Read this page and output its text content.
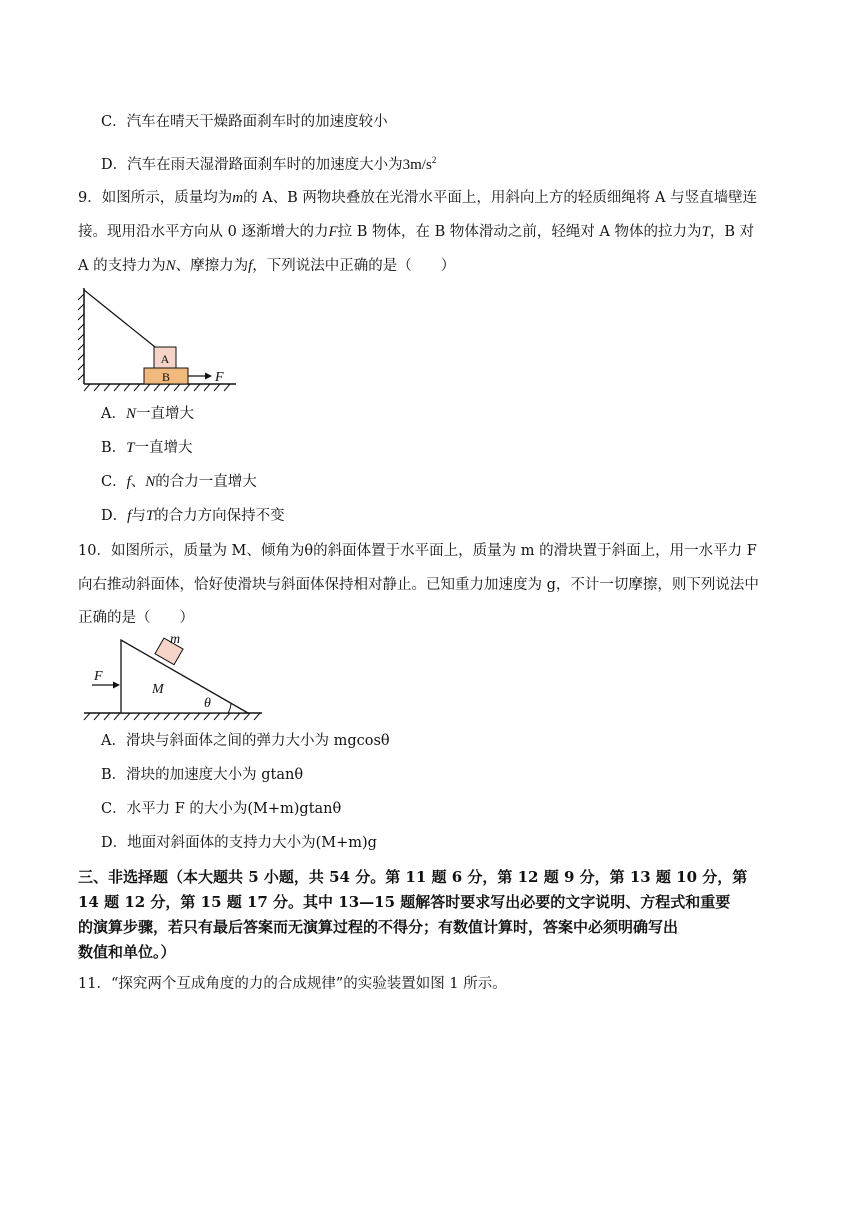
C．汽车在晴天干燥路面刹车时的加速度较小
D．汽车在雨天湿滑路面刹车时的加速度大小为$3m/s^2$
9．如图所示，质量均为m的 A、B 两物块叠放在光滑水平面上，用斜向上方的轻质细绳将 A 与竖直墙壁连
接。现用沿水平方向从 0 逐渐增大的力F拉 B 物体，在 B 物体滑动之前，轻绳对 A 物体的拉力为T，B 对
A 的支持力为N、摩擦力为f，下列说法中正确的是（　　）
A
B	F
A．N一直增大
B．T一直增大
C．f、N的合力一直增大
D．f与T的合力方向保持不变
10．如图所示，质量为 M、倾角为θ的斜面体置于水平面上，质量为 m 的滑块置于斜面上，用一水平力 F
向右推动斜面体，恰好使滑块与斜面体保持相对静止。已知重力加速度为 g，不计一切摩擦，则下列说法中
正确的是（　　）
m
M
θ
F
A．滑块与斜面体之间的弹力大小为 mgcosθ
B．滑块的加速度大小为 gtanθ
C．水平力 F 的大小为(M+m)gtanθ
D．地面对斜面体的支持力大小为(M+m)g
三、非选择题（本大题共 5 小题，共 54 分。第 11 题 6 分，第 12 题 9 分，第 13 题 10 分，第
14 题 12 分，第 15 题 17 分。其中 13—15 题解答时要求写出必要的文字说明、方程式和重要
的演算步骤，若只有最后答案而无演算过程的不得分；有数值计算时，答案中必须明确写出
数值和单位。）
11．“探究两个互成角度的力的合成规律”的实验装置如图 1 所示。
